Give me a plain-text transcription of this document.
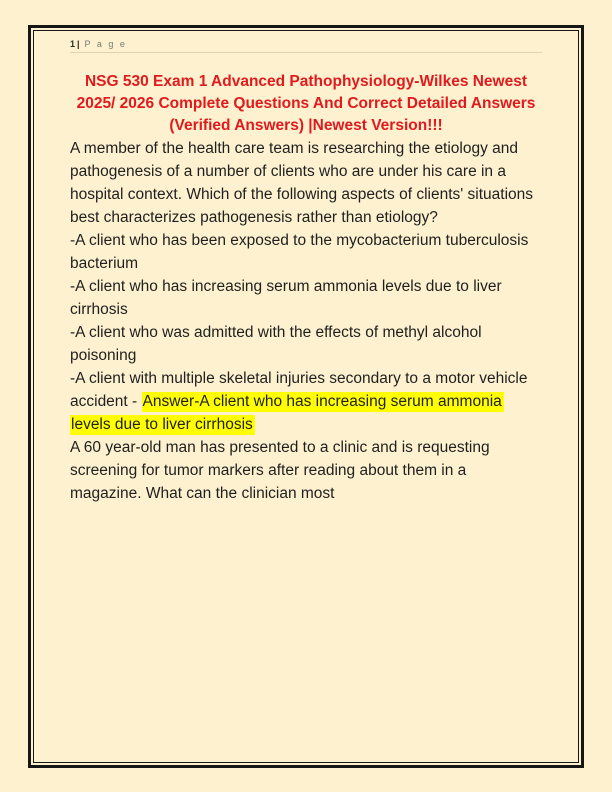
1| P a g e
NSG 530 Exam 1 Advanced Pathophysiology-Wilkes Newest 2025/ 2026 Complete Questions And Correct Detailed Answers (Verified Answers) |Newest Version!!!

A member of the health care team is researching the etiology and pathogenesis of a number of clients who are under his care in a hospital context. Which of the following aspects of clients' situations best characterizes pathogenesis rather than etiology?

-A client who has been exposed to the mycobacterium tuberculosis bacterium

-A client who has increasing serum ammonia levels due to liver cirrhosis

-A client who was admitted with the effects of methyl alcohol poisoning

-A client with multiple skeletal injuries secondary to a motor vehicle accident - Answer-A client who has increasing serum ammonia levels due to liver cirrhosis

A 60 year-old man has presented to a clinic and is requesting screening for tumor markers after reading about them in a magazine. What can the clinician most
